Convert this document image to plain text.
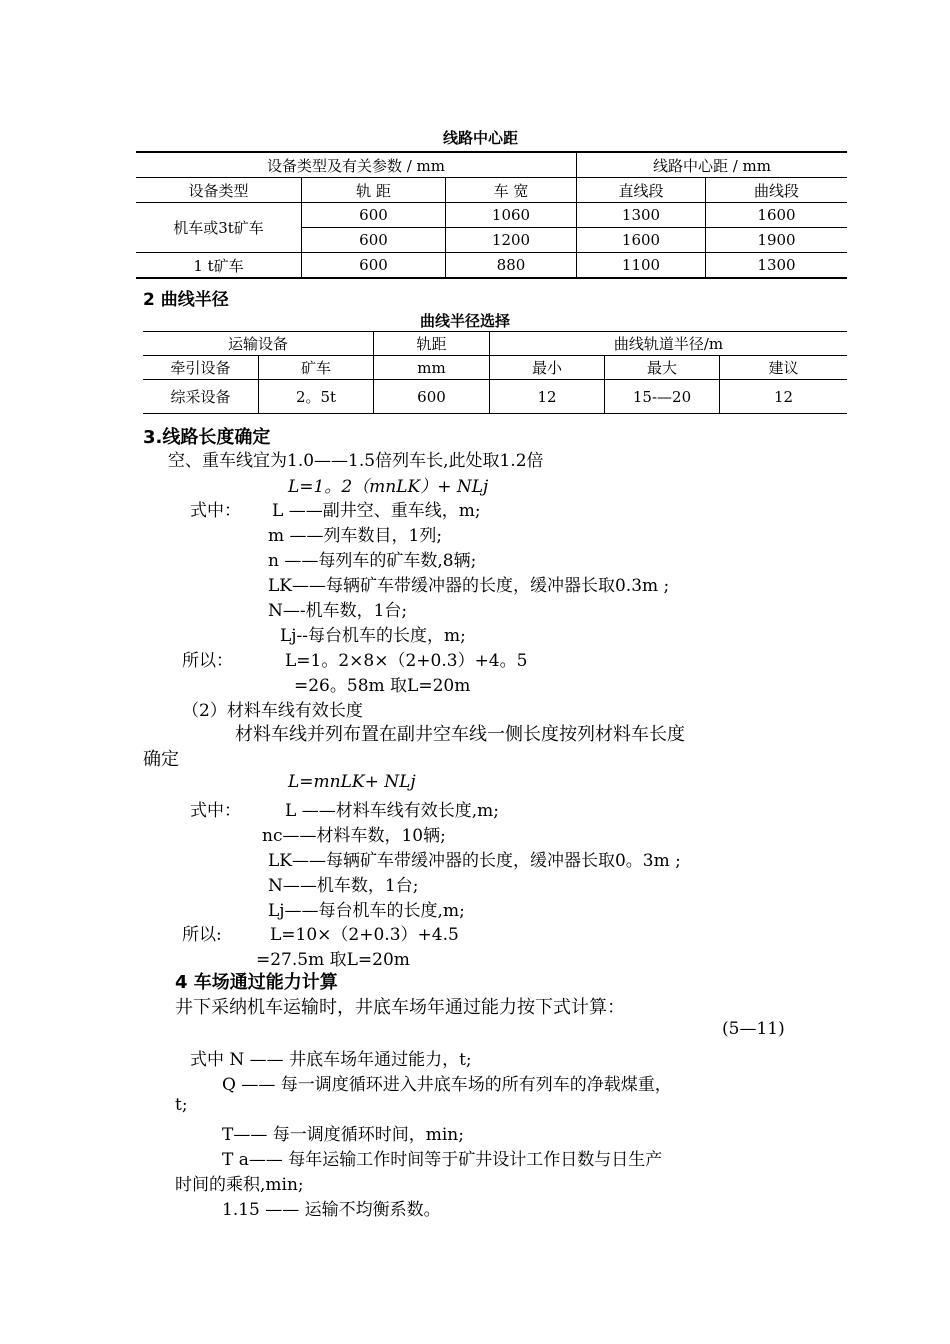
线路中心距
设备类型及有关参数 / mm			线路中心距 / mm	
设备类型	轨 距	车 宽	直线段	曲线段
机车或3t矿车	600	1060	1300	1600
	600	1200	1600	1900
1 t矿车	600	880	1100	1300
2 曲线半径
曲线半径选择
运输设备		轨距	曲线轨道半径/m		
牵引设备	矿车	mm	最小	最大	建议
综采设备	2。5t	600	12	15-—20	12
3.线路长度确定
空、重车线宜为1.0——1.5倍列车长,此处取1.2倍
L=1。2（mnLK）+ NLj
式中： L ——副井空、重车线，m;
m ——列车数目，1列;
n ——每列车的矿车数,8辆;
LK——每辆矿车带缓冲器的长度，缓冲器长取0.3m ;
N—-机车数，1台;
Lj--每台机车的长度，m;
所以：	L=1。2×8×（2+0.3）+4。5
=26。58m 取L=20m
（2）材料车线有效长度
材料车线并列布置在副井空车线一侧长度按列材料车长度
确定
L=mnLK+ NLj
式中：	L ——材料车线有效长度,m;
nc——材料车数，10辆;
LK——每辆矿车带缓冲器的长度，缓冲器长取0。3m ;
N——机车数，1台;
Lj——每台机车的长度,m;
所以:	L=10×（2+0.3）+4.5
=27.5m 取L=20m
4 车场通过能力计算
井下采纳机车运输时，井底车场年通过能力按下式计算：
(5—11)
式中 N —— 井底车场年通过能力，t;
Q —— 每一调度循环进入井底车场的所有列车的净载煤重，
t;
T—— 每一调度循环时间，min;
T a—— 每年运输工作时间等于矿井设计工作日数与日生产
时间的乘积,min;
1.15 —— 运输不均衡系数。
